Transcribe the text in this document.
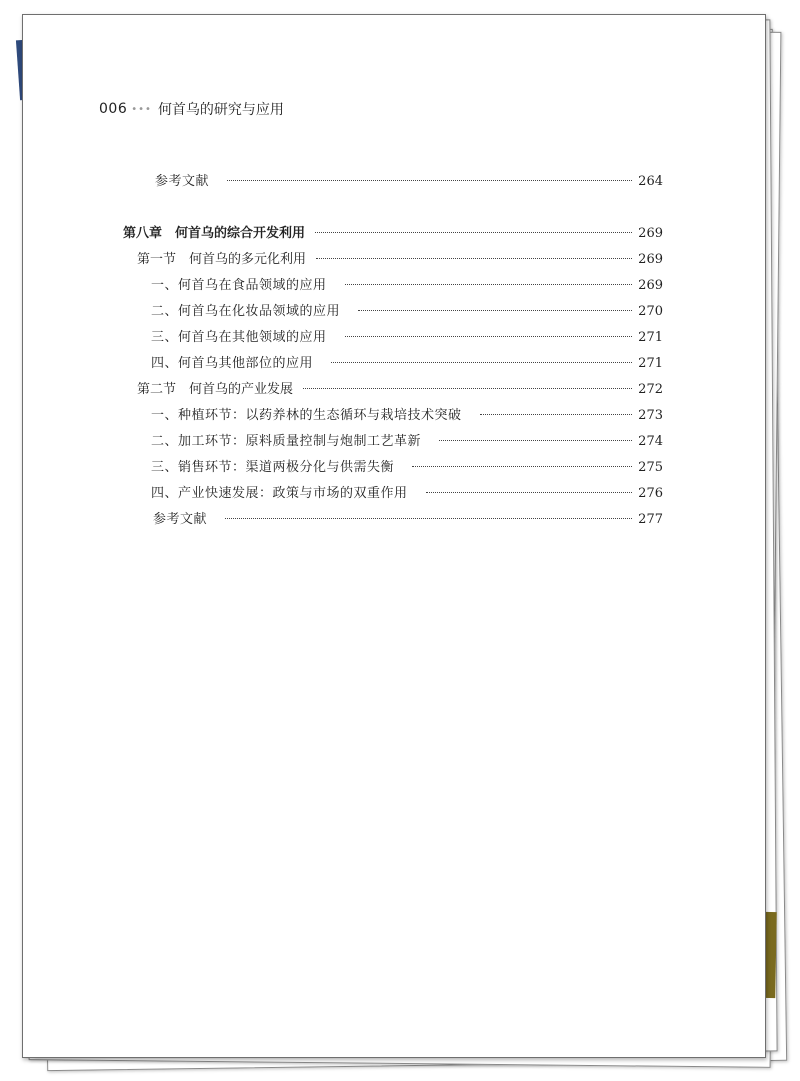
006 ••• 何首乌的研究与应用
参考文献	264
第八章　何首乌的综合开发利用	269
第一节　何首乌的多元化利用	269
一、何首乌在食品领域的应用	269
二、何首乌在化妆品领域的应用	270
三、何首乌在其他领域的应用	271
四、何首乌其他部位的应用	271
第二节　何首乌的产业发展	272
一、种植环节：以药养林的生态循环与栽培技术突破	273
二、加工环节：原料质量控制与炮制工艺革新	274
三、销售环节：渠道两极分化与供需失衡	275
四、产业快速发展：政策与市场的双重作用	276
参考文献	277
